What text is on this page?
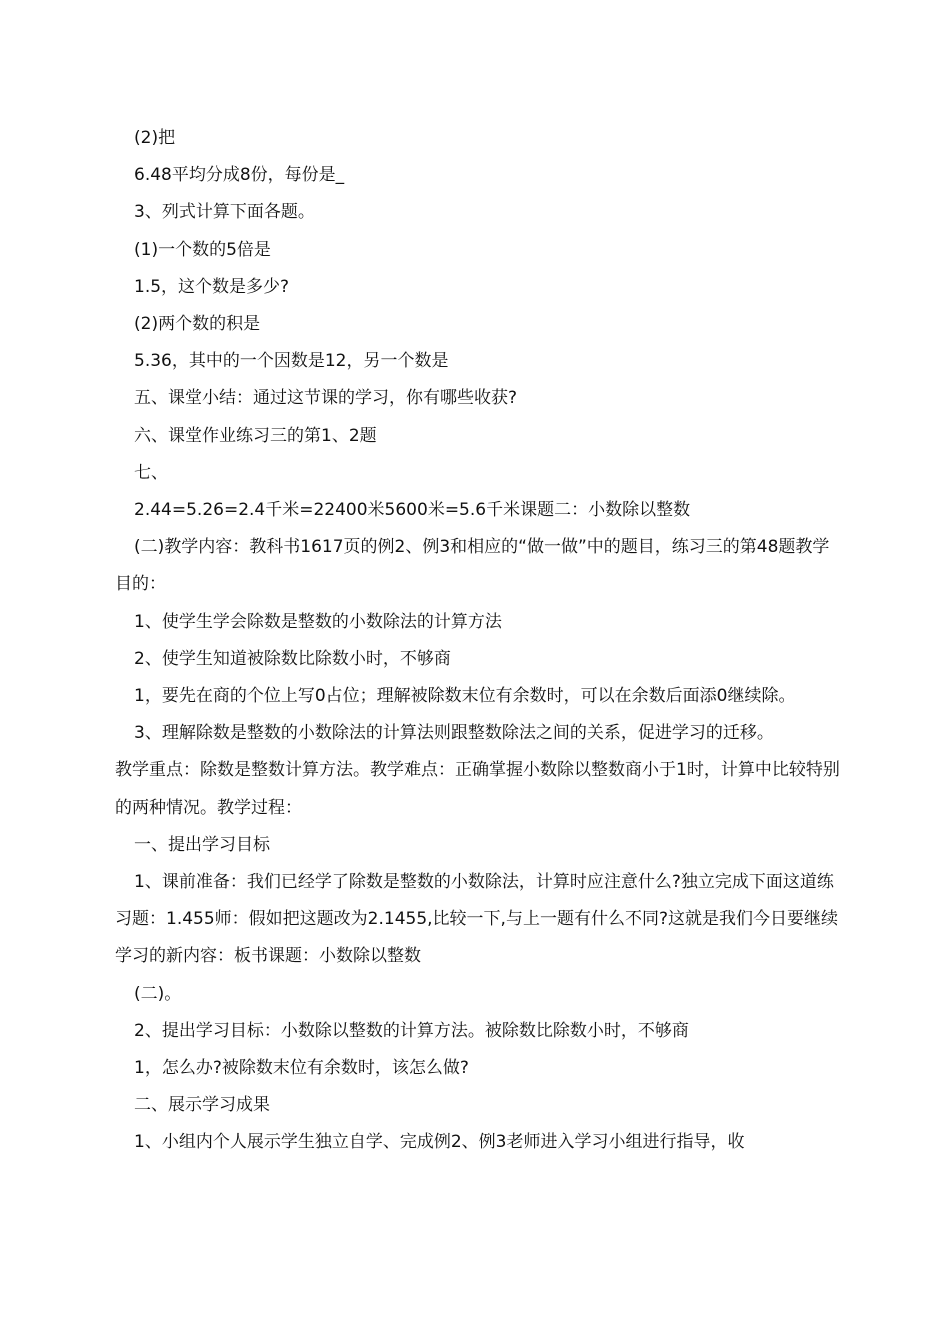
(2)把

6.48平均分成8份，每份是_

3、列式计算下面各题。

(1)一个数的5倍是

1.5，这个数是多少?

(2)两个数的积是

5.36，其中的一个因数是12，另一个数是

五、课堂小结：通过这节课的学习，你有哪些收获?

六、课堂作业练习三的第1、2题

七、

2.44=5.26=2.4千米=22400米5600米=5.6千米课题二：小数除以整数

(二)教学内容：教科书1617页的例2、例3和相应的“做一做”中的题目，练习三的第48题教学目的：

1、使学生学会除数是整数的小数除法的计算方法

2、使学生知道被除数比除数小时，不够商

1，要先在商的个位上写0占位；理解被除数末位有余数时，可以在余数后面添0继续除。

3、理解除数是整数的小数除法的计算法则跟整数除法之间的关系，促进学习的迁移。

教学重点：除数是整数计算方法。教学难点：正确掌握小数除以整数商小于1时，计算中比较特别的两种情况。教学过程：

一、提出学习目标

1、课前准备：我们已经学了除数是整数的小数除法，计算时应注意什么?独立完成下面这道练习题：1.455师：假如把这题改为2.1455,比较一下,与上一题有什么不同?这就是我们今日要继续学习的新内容：板书课题：小数除以整数

(二)。

2、提出学习目标：小数除以整数的计算方法。被除数比除数小时，不够商

1，怎么办?被除数末位有余数时，该怎么做?

二、展示学习成果

1、小组内个人展示学生独立自学、完成例2、例3老师进入学习小组进行指导，收
